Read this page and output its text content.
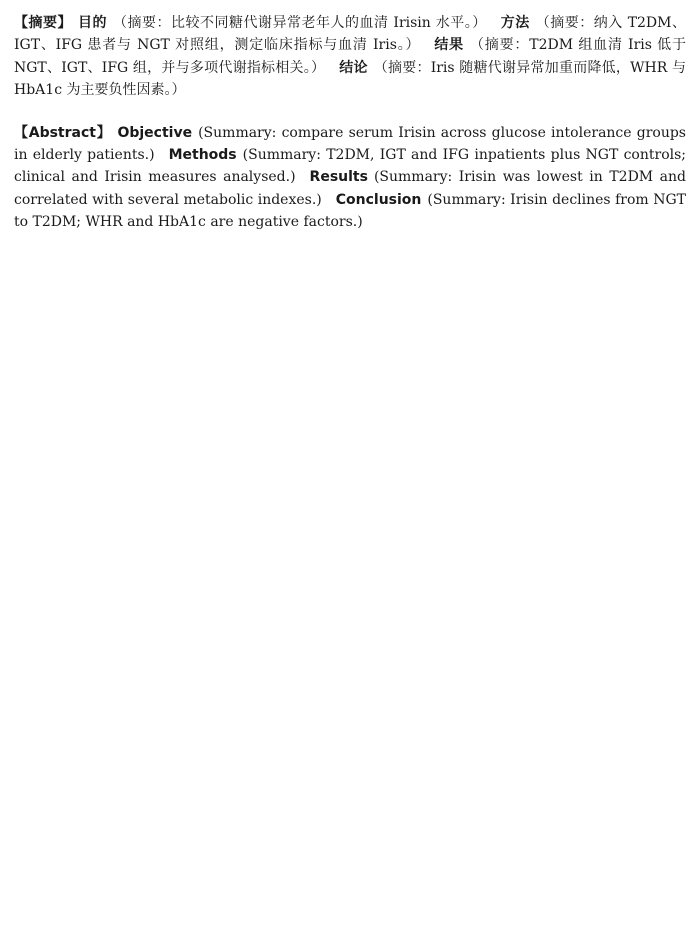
【摘要】 目的 （摘要：比较不同糖代谢异常老年人的血清 Irisin 水平。） 方法 （摘要：纳入 T2DM、IGT、IFG 患者与 NGT 对照组，测定临床指标与血清 Iris。） 结果 （摘要：T2DM 组血清 Iris 低于 NGT、IGT、IFG 组，并与多项代谢指标相关。） 结论 （摘要：Iris 随糖代谢异常加重而降低，WHR 与 HbA1c 为主要负性因素。）

【Abstract】 Objective (Summary: compare serum Irisin across glucose intolerance groups in elderly patients.) Methods (Summary: T2DM, IGT and IFG inpatients plus NGT controls; clinical and Irisin measures analysed.) Results (Summary: Irisin was lowest in T2DM and correlated with several metabolic indexes.) Conclusion (Summary: Irisin declines from NGT to T2DM; WHR and HbA1c are negative factors.)
